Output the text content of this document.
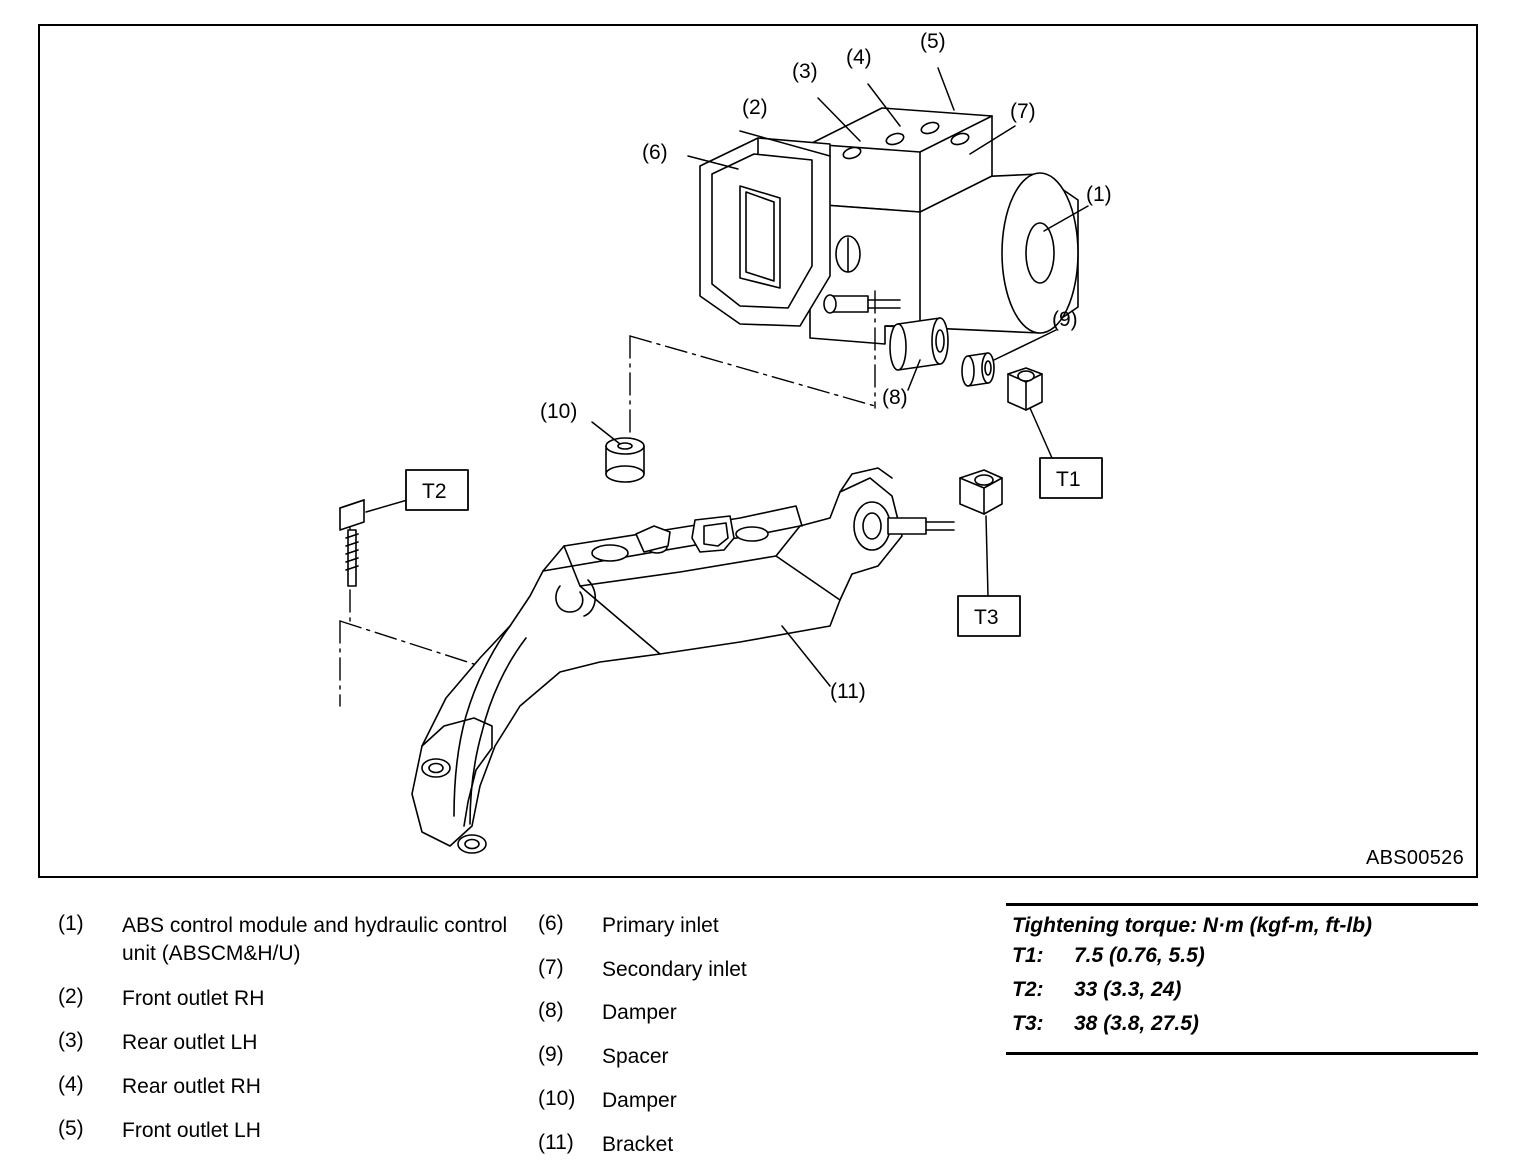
(2)
(3)
(4)
(5)
(6)
(7)
(1)
(8)
(9)
(10)
(11)
T1
T2
T3
ABS00526
(1)	ABS control module and hydraulic control unit (ABSCM&H/U)
(2)	Front outlet RH
(3)	Rear outlet LH
(4)	Rear outlet RH
(5)	Front outlet LH
(6)	Primary inlet
(7)	Secondary inlet
(8)	Damper
(9)	Spacer
(10)	Damper
(11)	Bracket
Tightening torque: N·m (kgf-m, ft-lb)
T1:	7.5 (0.76, 5.5)
T2:	33 (3.3, 24)
T3:	38 (3.8, 27.5)
